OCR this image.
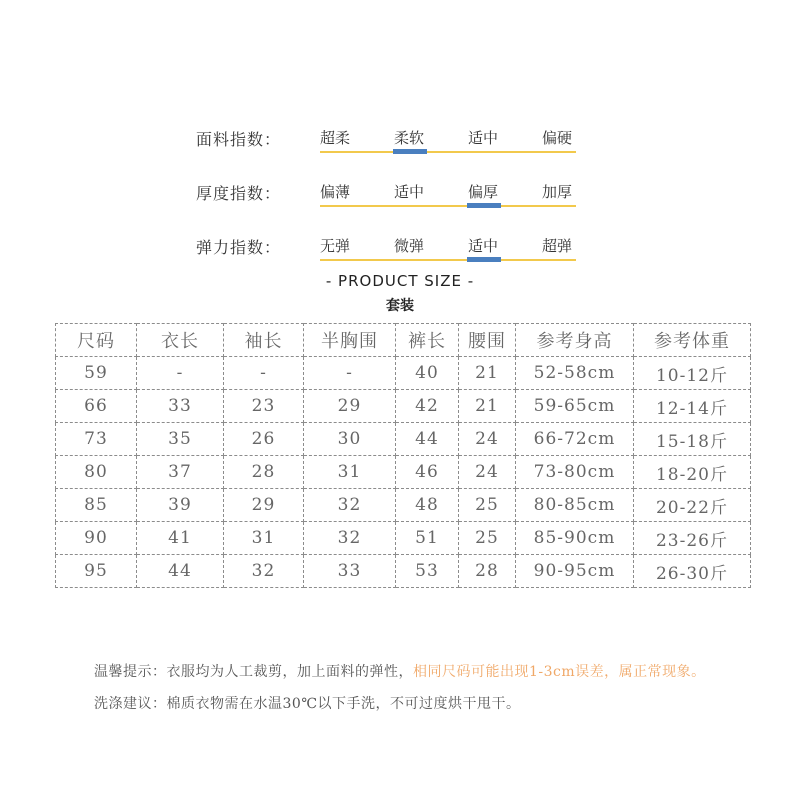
面料指数：	超柔	柔软	适中	偏硬
厚度指数：	偏薄	适中	偏厚	加厚
弹力指数：	无弹	微弹	适中	超弹
- PRODUCT SIZE -
套装
尺码	衣长	袖长	半胸围	裤长	腰围	参考身高	参考体重
59	-	-	-	40	21	52-58cm	10-12斤
66	33	23	29	42	21	59-65cm	12-14斤
73	35	26	30	44	24	66-72cm	15-18斤
80	37	28	31	46	24	73-80cm	18-20斤
85	39	29	32	48	25	80-85cm	20-22斤
90	41	31	32	51	25	85-90cm	23-26斤
95	44	32	33	53	28	90-95cm	26-30斤
温馨提示：衣服均为人工裁剪，加上面料的弹性，相同尺码可能出现1-3cm误差，属正常现象。
洗涤建议：棉质衣物需在水温30℃以下手洗，不可过度烘干甩干。
